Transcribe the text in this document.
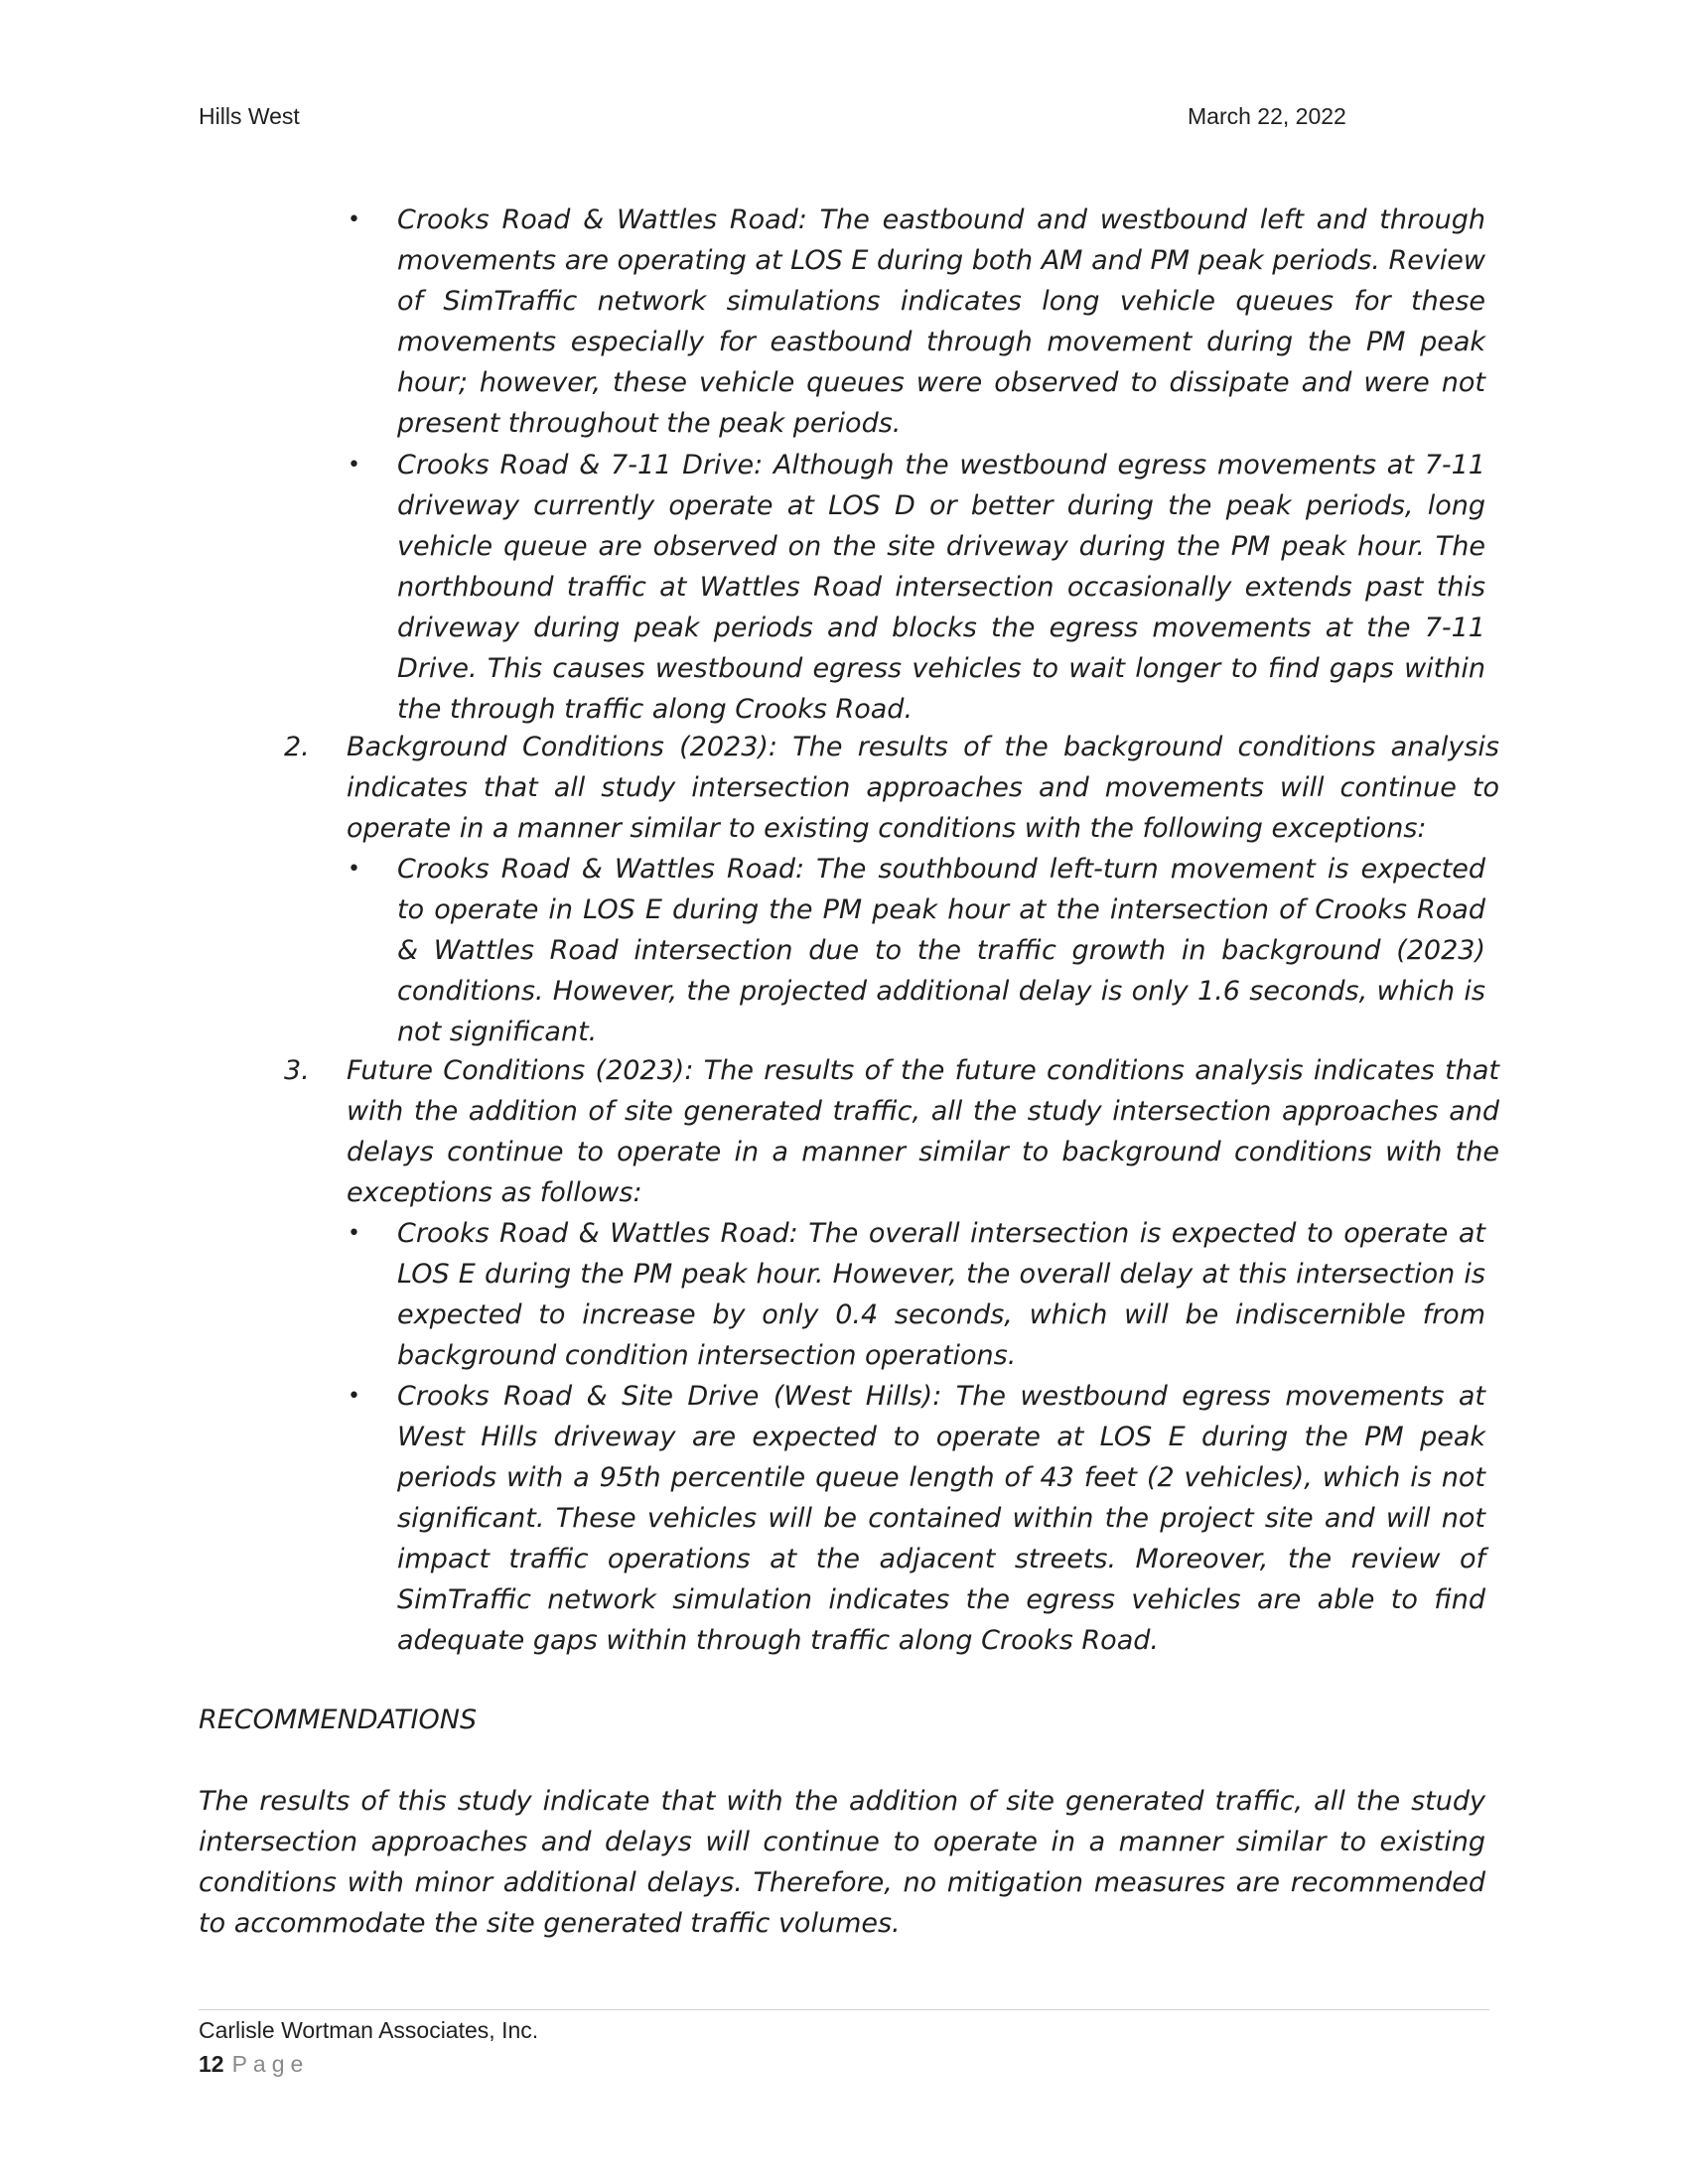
Hills West	March 22, 2022
• Crooks Road & Wattles Road: The eastbound and westbound left and through movements are operating at LOS E during both AM and PM peak periods. Review of SimTraffic network simulations indicates long vehicle queues for these movements especially for eastbound through movement during the PM peak hour; however, these vehicle queues were observed to dissipate and were not present throughout the peak periods.
• Crooks Road & 7-11 Drive: Although the westbound egress movements at 7-11 driveway currently operate at LOS D or better during the peak periods, long vehicle queue are observed on the site driveway during the PM peak hour. The northbound traffic at Wattles Road intersection occasionally extends past this driveway during peak periods and blocks the egress movements at the 7-11 Drive. This causes westbound egress vehicles to wait longer to find gaps within the through traffic along Crooks Road.
2. Background Conditions (2023): The results of the background conditions analysis indicates that all study intersection approaches and movements will continue to operate in a manner similar to existing conditions with the following exceptions:
• Crooks Road & Wattles Road: The southbound left-turn movement is expected to operate in LOS E during the PM peak hour at the intersection of Crooks Road & Wattles Road intersection due to the traffic growth in background (2023) conditions. However, the projected additional delay is only 1.6 seconds, which is not significant.
3. Future Conditions (2023): The results of the future conditions analysis indicates that with the addition of site generated traffic, all the study intersection approaches and delays continue to operate in a manner similar to background conditions with the exceptions as follows:
• Crooks Road & Wattles Road: The overall intersection is expected to operate at LOS E during the PM peak hour. However, the overall delay at this intersection is expected to increase by only 0.4 seconds, which will be indiscernible from background condition intersection operations.
• Crooks Road & Site Drive (West Hills): The westbound egress movements at West Hills driveway are expected to operate at LOS E during the PM peak periods with a 95th percentile queue length of 43 feet (2 vehicles), which is not significant. These vehicles will be contained within the project site and will not impact traffic operations at the adjacent streets. Moreover, the review of SimTraffic network simulation indicates the egress vehicles are able to find adequate gaps within through traffic along Crooks Road.
RECOMMENDATIONS
The results of this study indicate that with the addition of site generated traffic, all the study intersection approaches and delays will continue to operate in a manner similar to existing conditions with minor additional delays. Therefore, no mitigation measures are recommended to accommodate the site generated traffic volumes.
Carlisle Wortman Associates, Inc.
12 Page
